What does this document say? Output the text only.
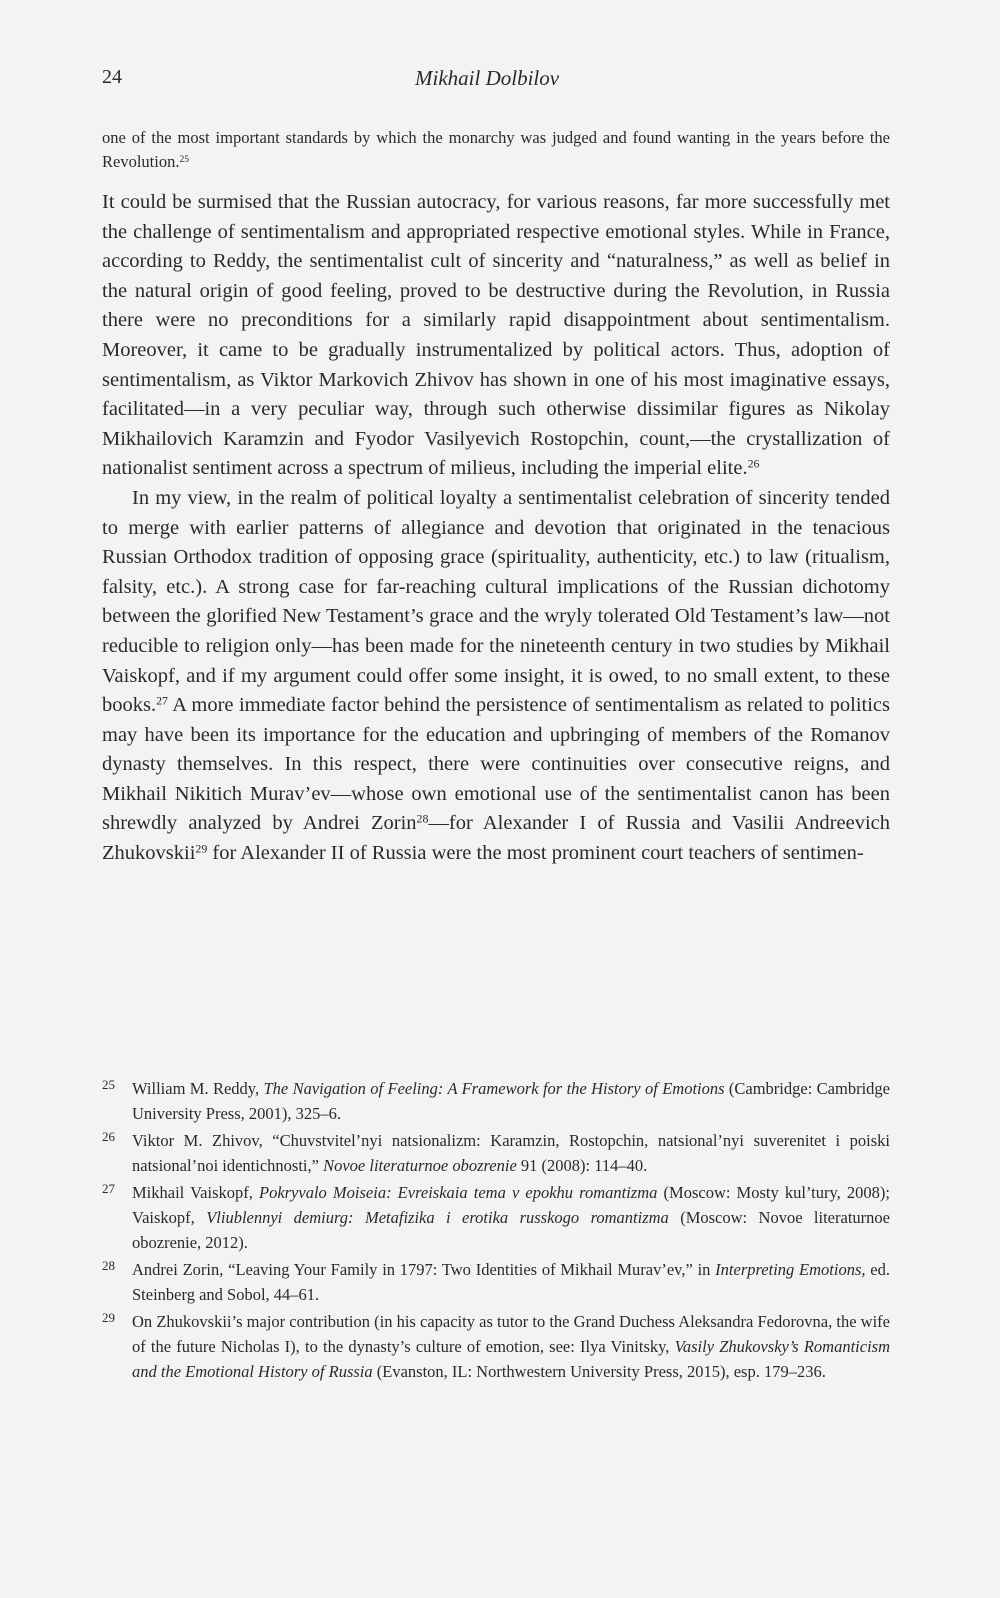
24	Mikhail Dolbilov

one of the most important standards by which the monarchy was judged and found wanting in the years before the Revolution.$^{25}$

It could be surmised that the Russian autocracy, for various reasons, far more successfully met the challenge of sentimentalism and appropriated respective emotional styles. While in France, according to Reddy, the sentimentalist cult of sincerity and “naturalness,” as well as belief in the natural origin of good feeling, proved to be destructive during the Revolution, in Russia there were no preconditions for a similarly rapid disappointment about sentimentalism. Moreover, it came to be gradually instrumentalized by political actors. Thus, adoption of sentimentalism, as Viktor Markovich Zhivov has shown in one of his most imaginative essays, facilitated—in a very peculiar way, through such otherwise dissimilar figures as Nikolay Mikhailovich Karamzin and Fyodor Vasilyevich Rostopchin, count,—the crystallization of nationalist sentiment across a spectrum of milieus, including the imperial elite.$^{26}$

In my view, in the realm of political loyalty a sentimentalist celebration of sincerity tended to merge with earlier patterns of allegiance and devotion that originated in the tenacious Russian Orthodox tradition of opposing grace (spirituality, authenticity, etc.) to law (ritualism, falsity, etc.). A strong case for far-reaching cultural implications of the Russian dichotomy between the glorified New Testament’s grace and the wryly tolerated Old Testament’s law—not reducible to religion only—has been made for the nineteenth century in two studies by Mikhail Vaiskopf, and if my argument could offer some insight, it is owed, to no small extent, to these books.$^{27}$ A more immediate factor behind the persistence of sentimentalism as related to politics may have been its importance for the education and upbringing of members of the Romanov dynasty themselves. In this respect, there were continuities over consecutive reigns, and Mikhail Nikitich Murav’ev—whose own emotional use of the sentimentalist canon has been shrewdly analyzed by Andrei Zorin$^{28}$—for Alexander I of Russia and Vasilii Andreevich Zhukovskii$^{29}$ for Alexander II of Russia were the most prominent court teachers of sentimen-

25 William M. Reddy, The Navigation of Feeling: A Framework for the History of Emotions (Cambridge: Cambridge University Press, 2001), 325–6.

26 Viktor M. Zhivov, “Chuvstvitel’nyi natsionalizm: Karamzin, Rostopchin, natsional’nyi suverenitet i poiski natsional’noi identichnosti,” Novoe literaturnoe obozrenie 91 (2008): 114–40.

27 Mikhail Vaiskopf, Pokryvalo Moiseia: Evreiskaia tema v epokhu romantizma (Moscow: Mosty kul’tury, 2008); Vaiskopf, Vliublennyi demiurg: Metafizika i erotika russkogo romantizma (Moscow: Novoe literaturnoe obozrenie, 2012).

28 Andrei Zorin, “Leaving Your Family in 1797: Two Identities of Mikhail Murav’ev,” in Interpreting Emotions, ed. Steinberg and Sobol, 44–61.

29 On Zhukovskii’s major contribution (in his capacity as tutor to the Grand Duchess Aleksandra Fedorovna, the wife of the future Nicholas I), to the dynasty’s culture of emotion, see: Ilya Vinitsky, Vasily Zhukovsky’s Romanticism and the Emotional History of Russia (Evanston, IL: Northwestern University Press, 2015), esp. 179–236.
